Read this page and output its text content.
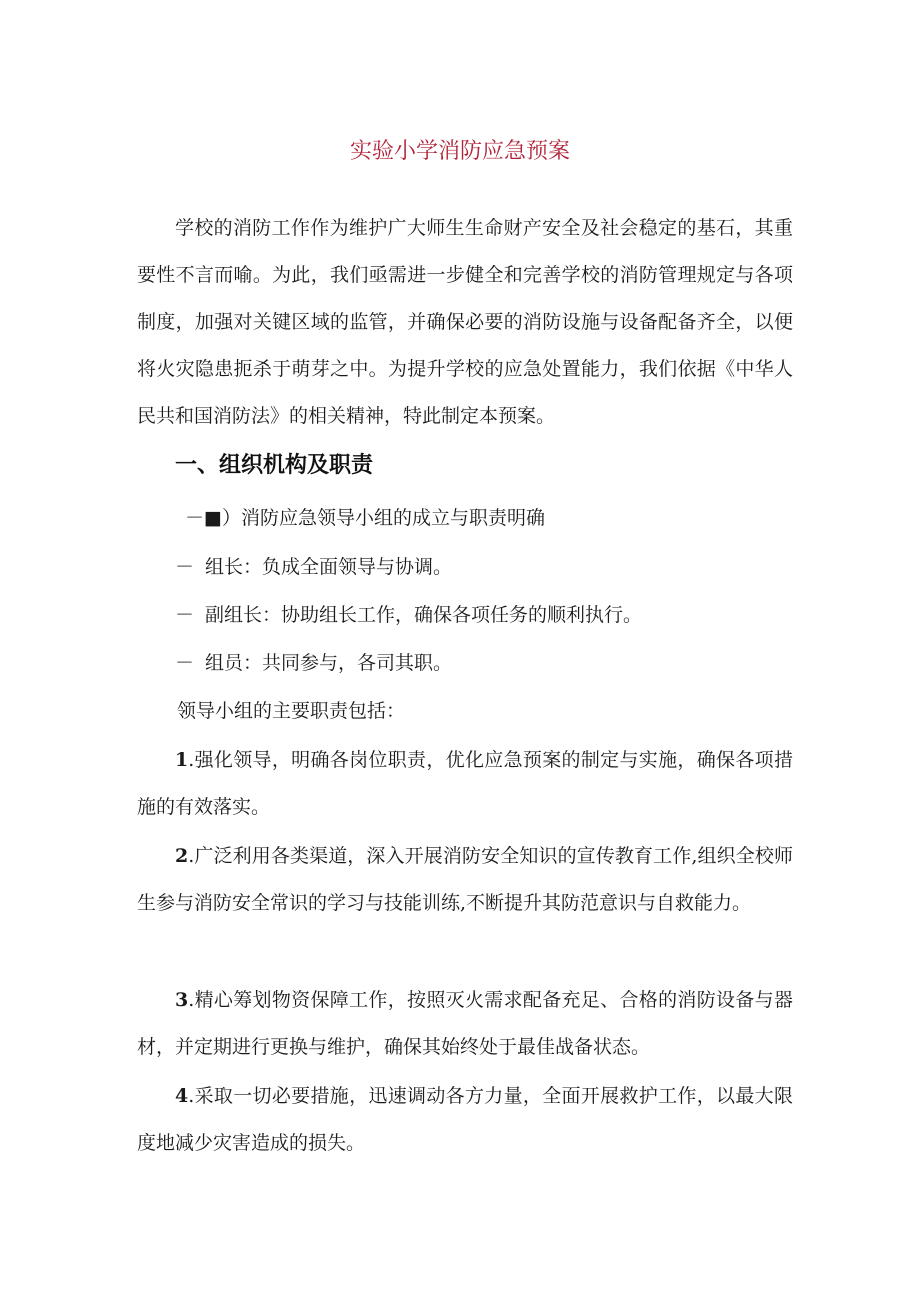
实验小学消防应急预案

学校的消防工作作为维护广大师生生命财产安全及社会稳定的基石，其重要性不言而喻。为此，我们亟需进一步健全和完善学校的消防管理规定与各项制度，加强对关键区域的监管，并确保必要的消防设施与设备配备齐全，以便将火灾隐患扼杀于萌芽之中。为提升学校的应急处置能力，我们依据《中华人民共和国消防法》的相关精神，特此制定本预案。

一、组织机构及职责

－■）消防应急领导小组的成立与职责明确

－ 组长：负成全面领导与协调。

－ 副组长：协助组长工作，确保各项任务的顺利执行。

－ 组员：共同参与，各司其职。

领导小组的主要职责包括：

1.强化领导，明确各岗位职责，优化应急预案的制定与实施，确保各项措施的有效落实。

2.广泛利用各类渠道，深入开展消防安全知识的宣传教育工作,组织全校师生参与消防安全常识的学习与技能训练,不断提升其防范意识与自救能力。

3.精心筹划物资保障工作，按照灭火需求配备充足、合格的消防设备与器材，并定期进行更换与维护，确保其始终处于最佳战备状态。

4.采取一切必要措施，迅速调动各方力量，全面开展救护工作，以最大限度地减少灾害造成的损失。
